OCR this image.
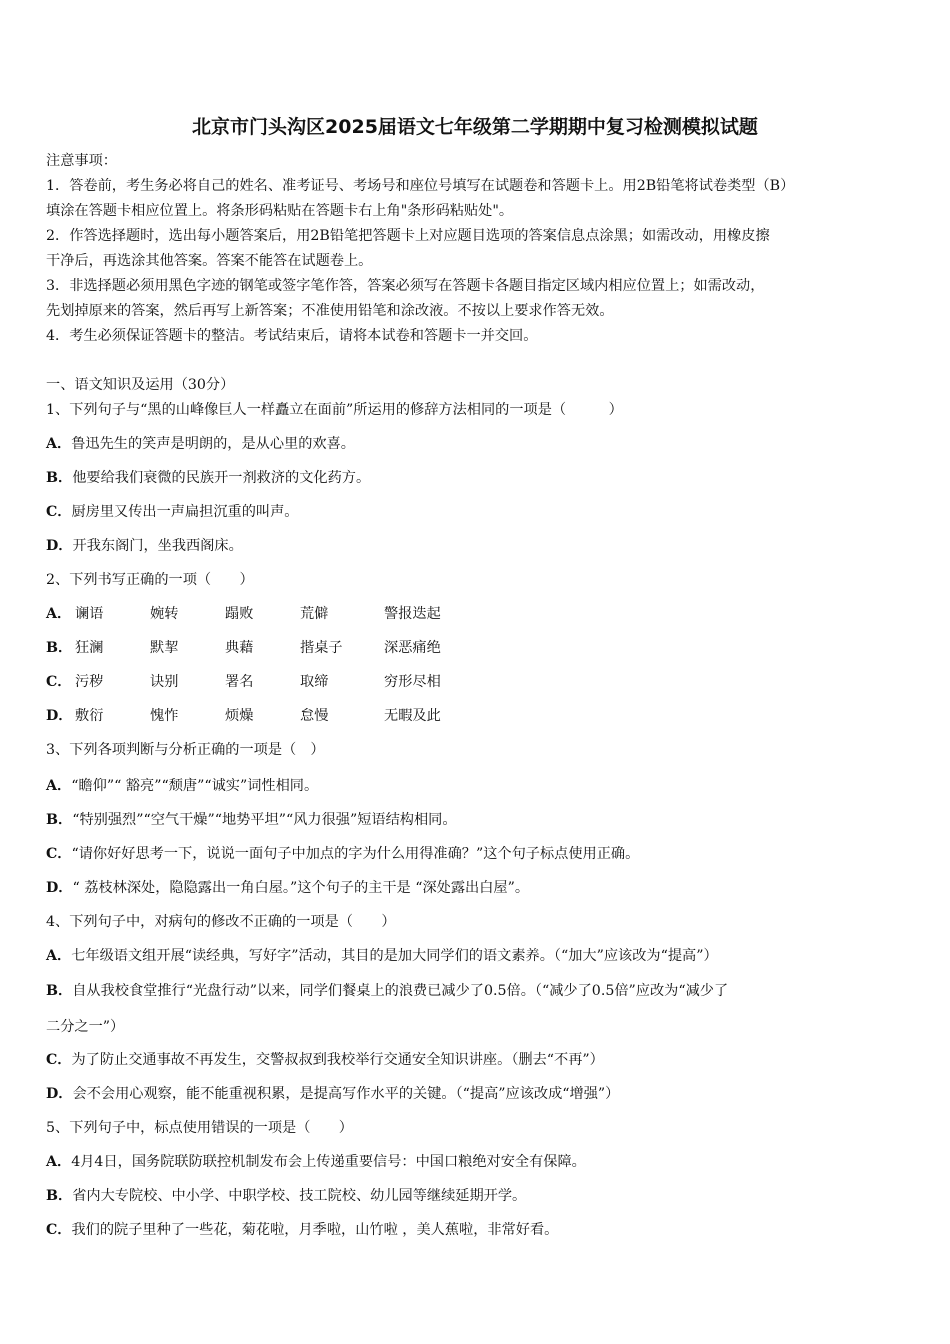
北京市门头沟区2025届语文七年级第二学期期中复习检测模拟试题
注意事项：
1．答卷前，考生务必将自己的姓名、准考证号、考场号和座位号填写在试题卷和答题卡上。用2B铅笔将试卷类型（B）
填涂在答题卡相应位置上。将条形码粘贴在答题卡右上角"条形码粘贴处"。
2．作答选择题时，选出每小题答案后，用2B铅笔把答题卡上对应题目选项的答案信息点涂黑；如需改动，用橡皮擦
干净后，再选涂其他答案。答案不能答在试题卷上。
3．非选择题必须用黑色字迹的钢笔或签字笔作答，答案必须写在答题卡各题目指定区域内相应位置上；如需改动，
先划掉原来的答案，然后再写上新答案；不准使用铅笔和涂改液。不按以上要求作答无效。
4．考生必须保证答题卡的整洁。考试结束后，请将本试卷和答题卡一并交回。
一、语文知识及运用（30分）
1、下列句子与“黑的山峰像巨人一样矗立在面前”所运用的修辞方法相同的一项是（　　　）
A．鲁迅先生的笑声是明朗的，是从心里的欢喜。
B．他要给我们衰微的民族开一剂救济的文化药方。
C．厨房里又传出一声扁担沉重的叫声。
D．开我东阁门，坐我西阁床。
2、下列书写正确的一项（　　）
A． 谰语	婉转	蹋败	荒僻	警报迭起
B． 狂澜	默挈	典藉	揩桌子	深恶痛绝
C． 污秽	诀别	署名	取缔	穷形尽相
D． 敷衍	愧怍	烦燥	怠慢	无暇及此
3、下列各项判断与分析正确的一项是（　）
A．“瞻仰”“ 豁亮”“颓唐”“诚实”词性相同。
B．“特别强烈”“空气干燥”“地势平坦”“风力很强”短语结构相同。
C．“请你好好思考一下，说说一面句子中加点的字为什么用得准确？”这个句子标点使用正确。
D．“ 荔枝林深处，隐隐露出一角白屋。”这个句子的主干是 “深处露出白屋”。
4、下列句子中，对病句的修改不正确的一项是（　　）
A．七年级语文组开展“读经典，写好字”活动，其目的是加大同学们的语文素养。（“加大”应该改为“提高”）
B．自从我校食堂推行“光盘行动”以来，同学们餐桌上的浪费已减少了0.5倍。（“减少了0.5倍”应改为“减少了
二分之一”）
C．为了防止交通事故不再发生，交警叔叔到我校举行交通安全知识讲座。（删去“不再”）
D．会不会用心观察，能不能重视积累，是提高写作水平的关键。（“提高”应该改成“增强”）
5、下列句子中，标点使用错误的一项是（　　）
A．4月4日，国务院联防联控机制发布会上传递重要信号：中国口粮绝对安全有保障。
B．省内大专院校、中小学、中职学校、技工院校、幼儿园等继续延期开学。
C．我们的院子里种了一些花，菊花啦，月季啦，山竹啦 ，美人蕉啦，非常好看。
